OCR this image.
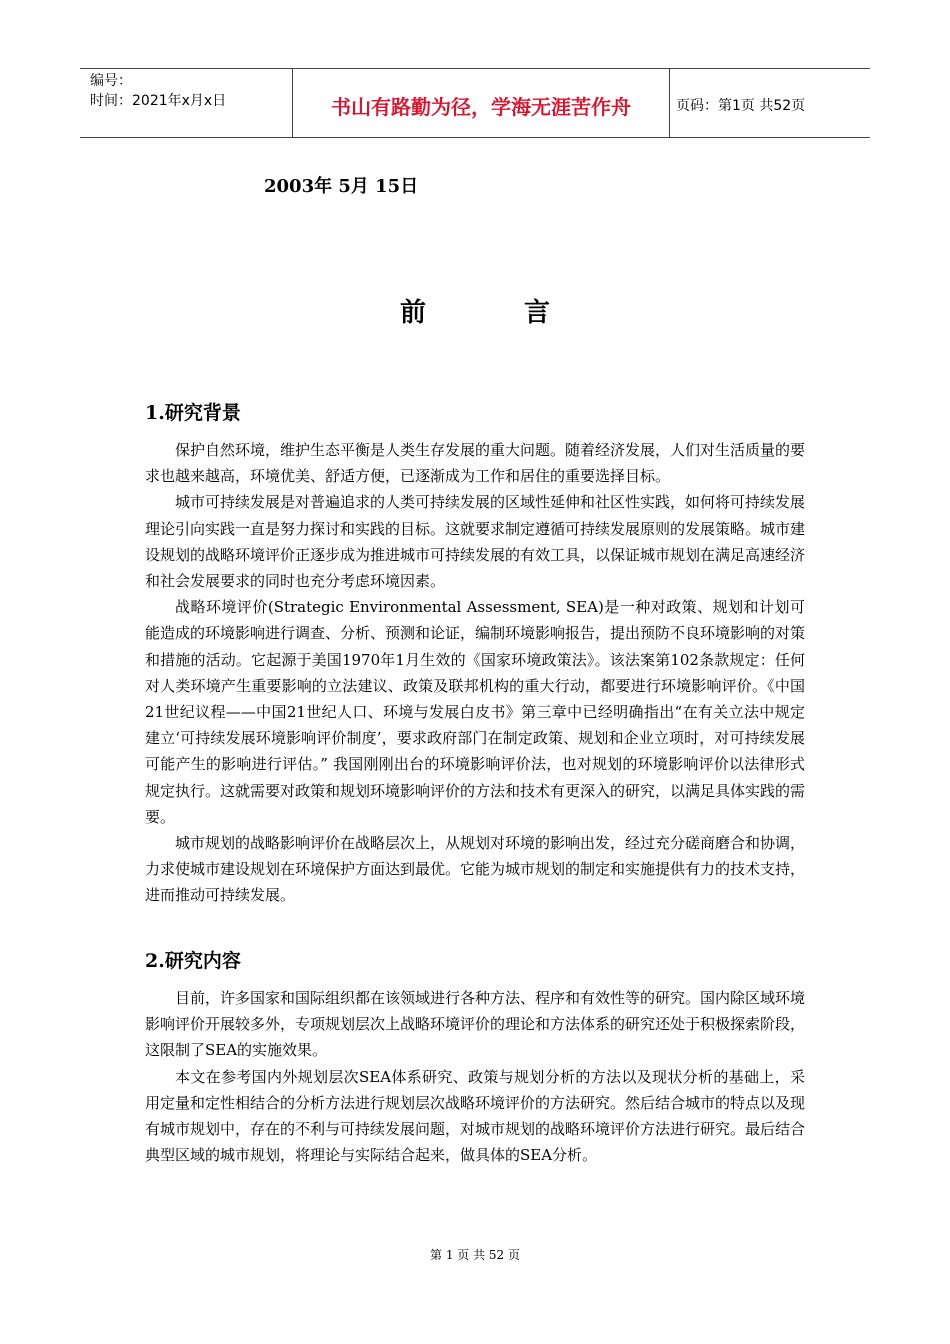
编号：
时间：2021年x月x日	书山有路勤为径，学海无涯苦作舟	页码：第1页 共52页
2003年 5月 15日
前言
1.研究背景

保护自然环境，维护生态平衡是人类生存发展的重大问题。随着经济发展，人们对生活质量的要求也越来越高，环境优美、舒适方便，已逐渐成为工作和居住的重要选择目标。

城市可持续发展是对普遍追求的人类可持续发展的区域性延伸和社区性实践，如何将可持续发展理论引向实践一直是努力探讨和实践的目标。这就要求制定遵循可持续发展原则的发展策略。城市建设规划的战略环境评价正逐步成为推进城市可持续发展的有效工具，以保证城市规划在满足高速经济和社会发展要求的同时也充分考虑环境因素。

战略环境评价(Strategic Environmental Assessment, SEA)是一种对政策、规划和计划可能造成的环境影响进行调查、分析、预测和论证，编制环境影响报告，提出预防不良环境影响的对策和措施的活动。它起源于美国1970年1月生效的《国家环境政策法》。该法案第102条款规定：任何对人类环境产生重要影响的立法建议、政策及联邦机构的重大行动，都要进行环境影响评价。《中国21世纪议程——中国21世纪人口、环境与发展白皮书》第三章中已经明确指出“在有关立法中规定建立‘可持续发展环境影响评价制度’，要求政府部门在制定政策、规划和企业立项时，对可持续发展可能产生的影响进行评估。” 我国刚刚出台的环境影响评价法，也对规划的环境影响评价以法律形式规定执行。这就需要对政策和规划环境影响评价的方法和技术有更深入的研究，以满足具体实践的需要。

城市规划的战略影响评价在战略层次上，从规划对环境的影响出发，经过充分磋商磨合和协调，力求使城市建设规划在环境保护方面达到最优。它能为城市规划的制定和实施提供有力的技术支持，进而推动可持续发展。

2.研究内容

目前，许多国家和国际组织都在该领域进行各种方法、程序和有效性等的研究。国内除区域环境影响评价开展较多外，专项规划层次上战略环境评价的理论和方法体系的研究还处于积极探索阶段，这限制了SEA的实施效果。

本文在参考国内外规划层次SEA体系研究、政策与规划分析的方法以及现状分析的基础上，采用定量和定性相结合的分析方法进行规划层次战略环境评价的方法研究。然后结合城市的特点以及现有城市规划中，存在的不利与可持续发展问题，对城市规划的战略环境评价方法进行研究。最后结合典型区域的城市规划，将理论与实际结合起来，做具体的SEA分析。

第 1 页 共 52 页
